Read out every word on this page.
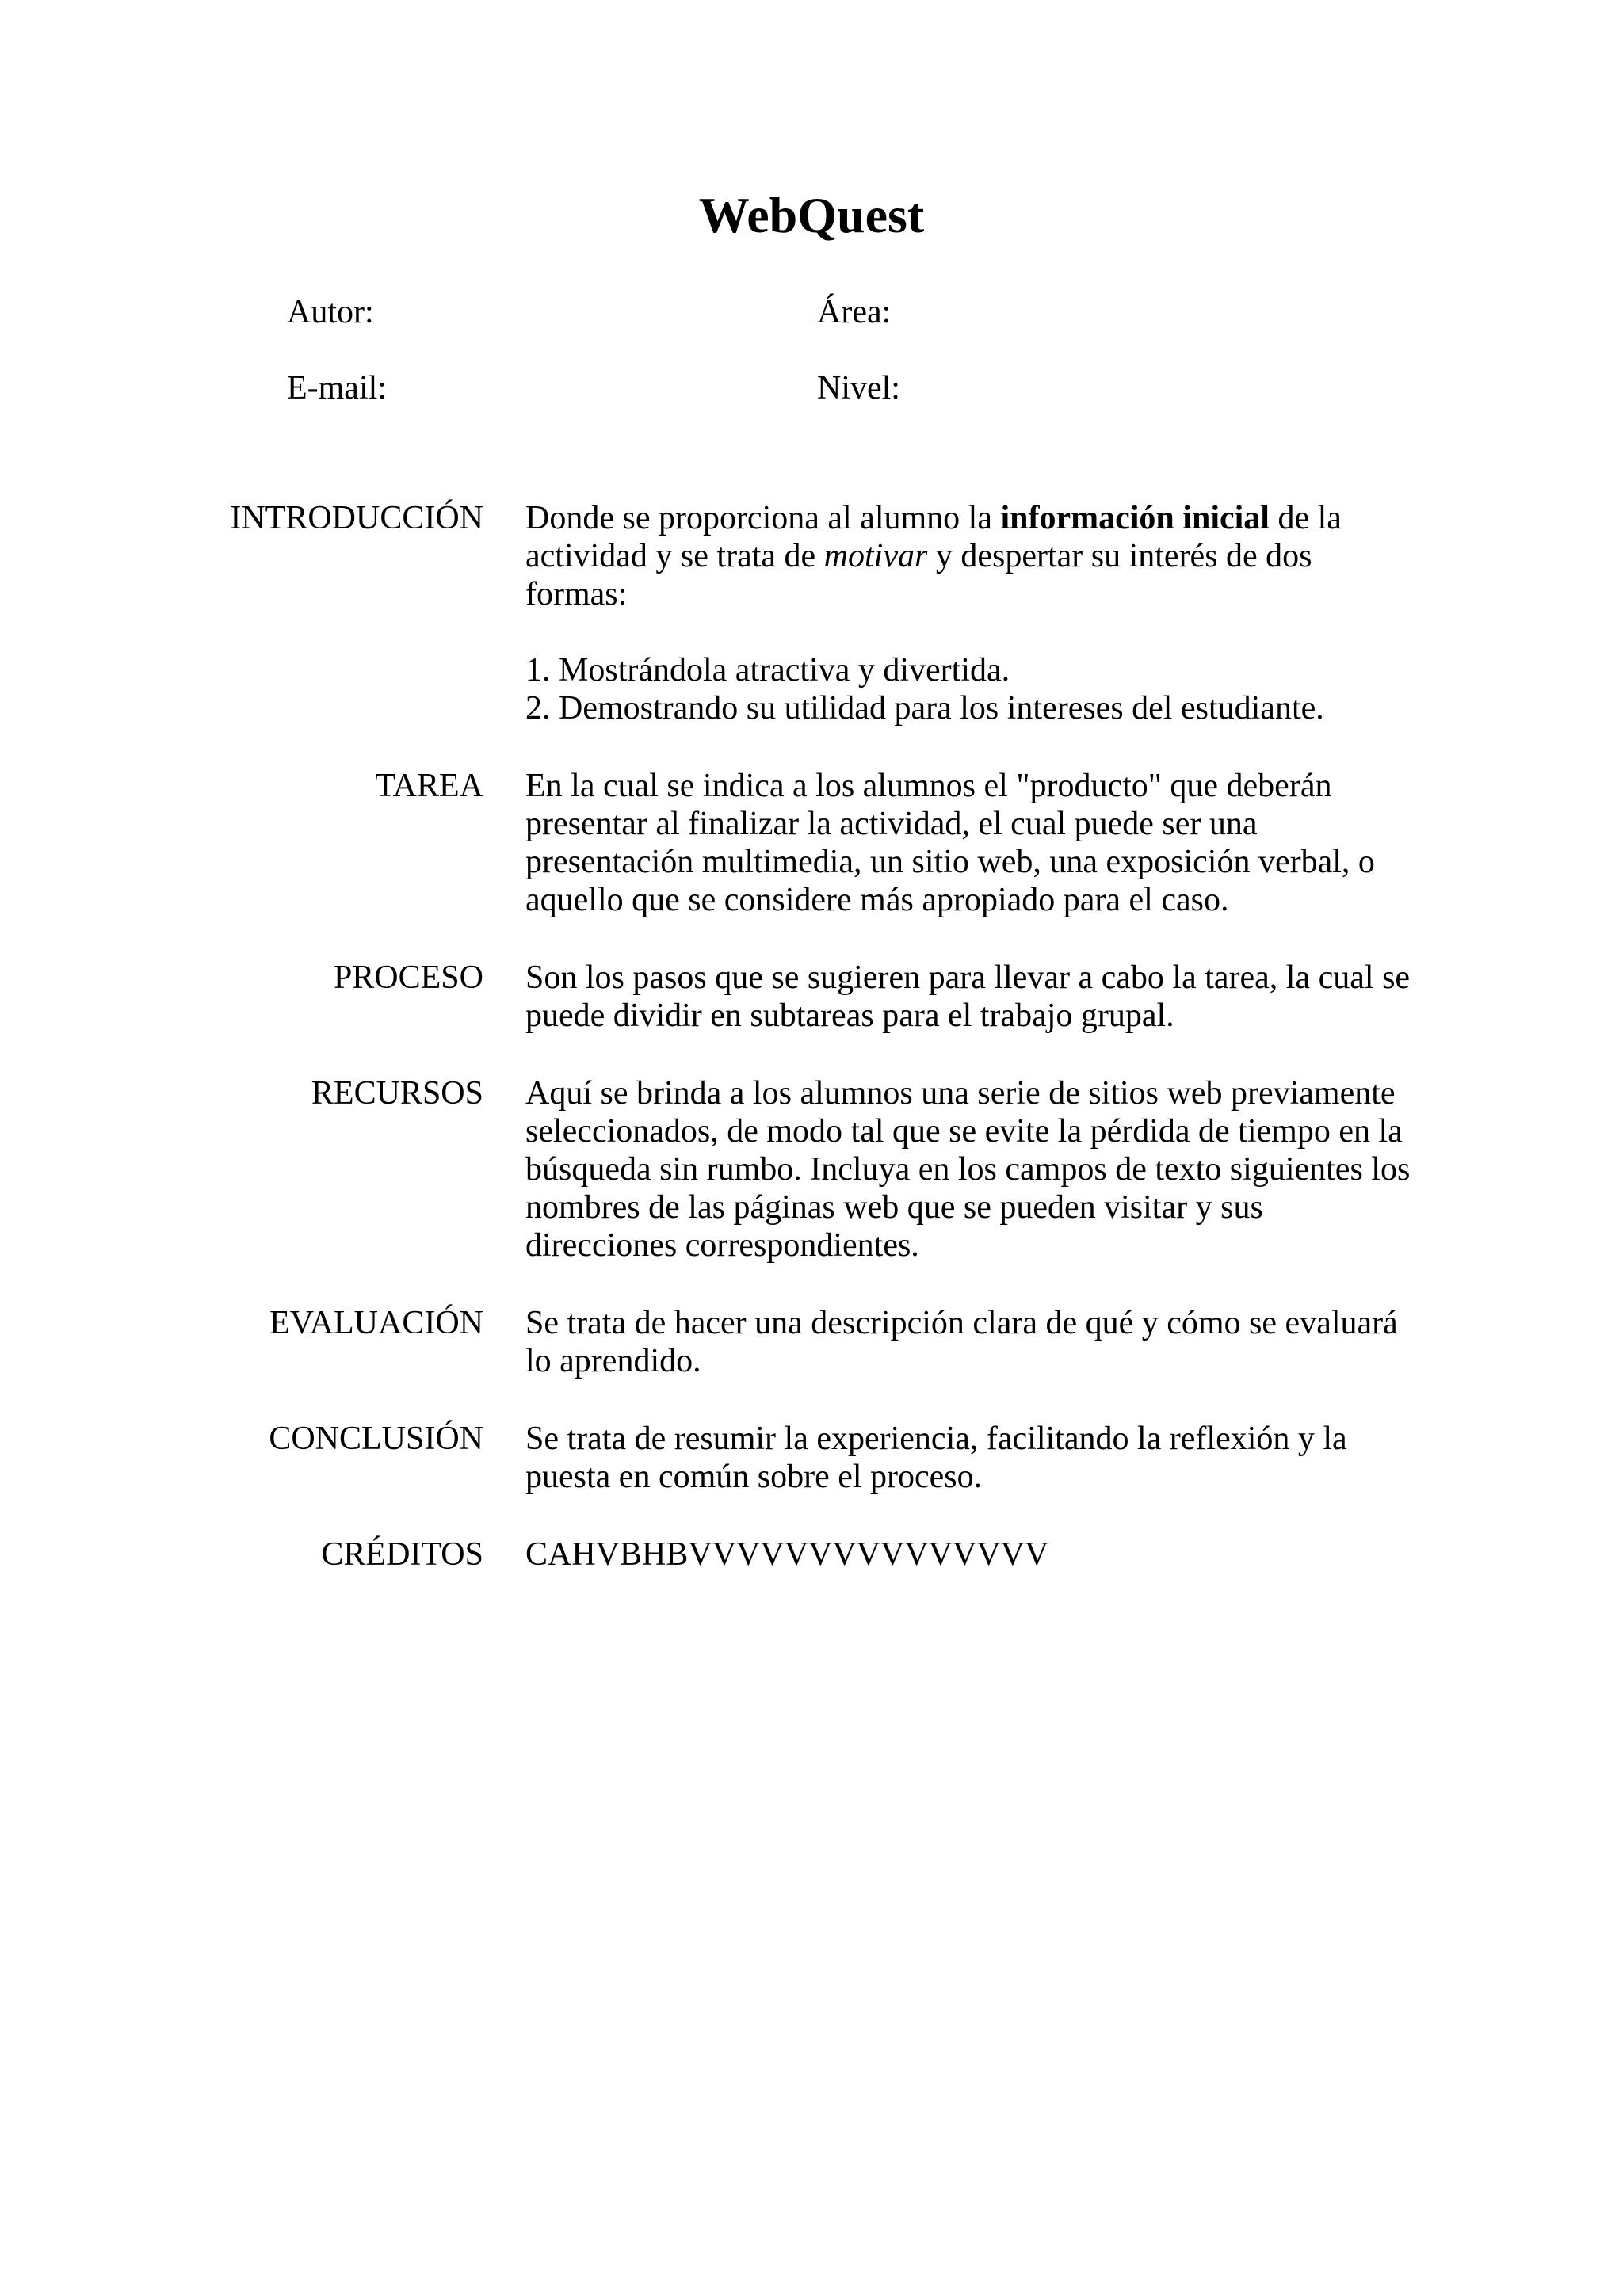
WebQuest
Autor:	Área:
E-mail:	Nivel:
INTRODUCCIÓN Donde se proporciona al alumno la información inicial de la actividad y se trata de motivar y despertar su interés de dos formas:

1. Mostrándola atractiva y divertida.
2. Demostrando su utilidad para los intereses del estudiante.
TAREA En la cual se indica a los alumnos el "producto" que deberán presentar al finalizar la actividad, el cual puede ser una presentación multimedia, un sitio web, una exposición verbal, o aquello que se considere más apropiado para el caso.

PROCESO Son los pasos que se sugieren para llevar a cabo la tarea, la cual se puede dividir en subtareas para el trabajo grupal.

RECURSOS Aquí se brinda a los alumnos una serie de sitios web previamente seleccionados, de modo tal que se evite la pérdida de tiempo en la búsqueda sin rumbo. Incluya en los campos de texto siguientes los nombres de las páginas web que se pueden visitar y sus direcciones correspondientes.

EVALUACIÓN Se trata de hacer una descripción clara de qué y cómo se evaluará lo aprendido.

CONCLUSIÓN Se trata de resumir la experiencia, facilitando la reflexión y la puesta en común sobre el proceso.

CRÉDITOS CAHVBHBVVVVVVVVVVVVVVV
